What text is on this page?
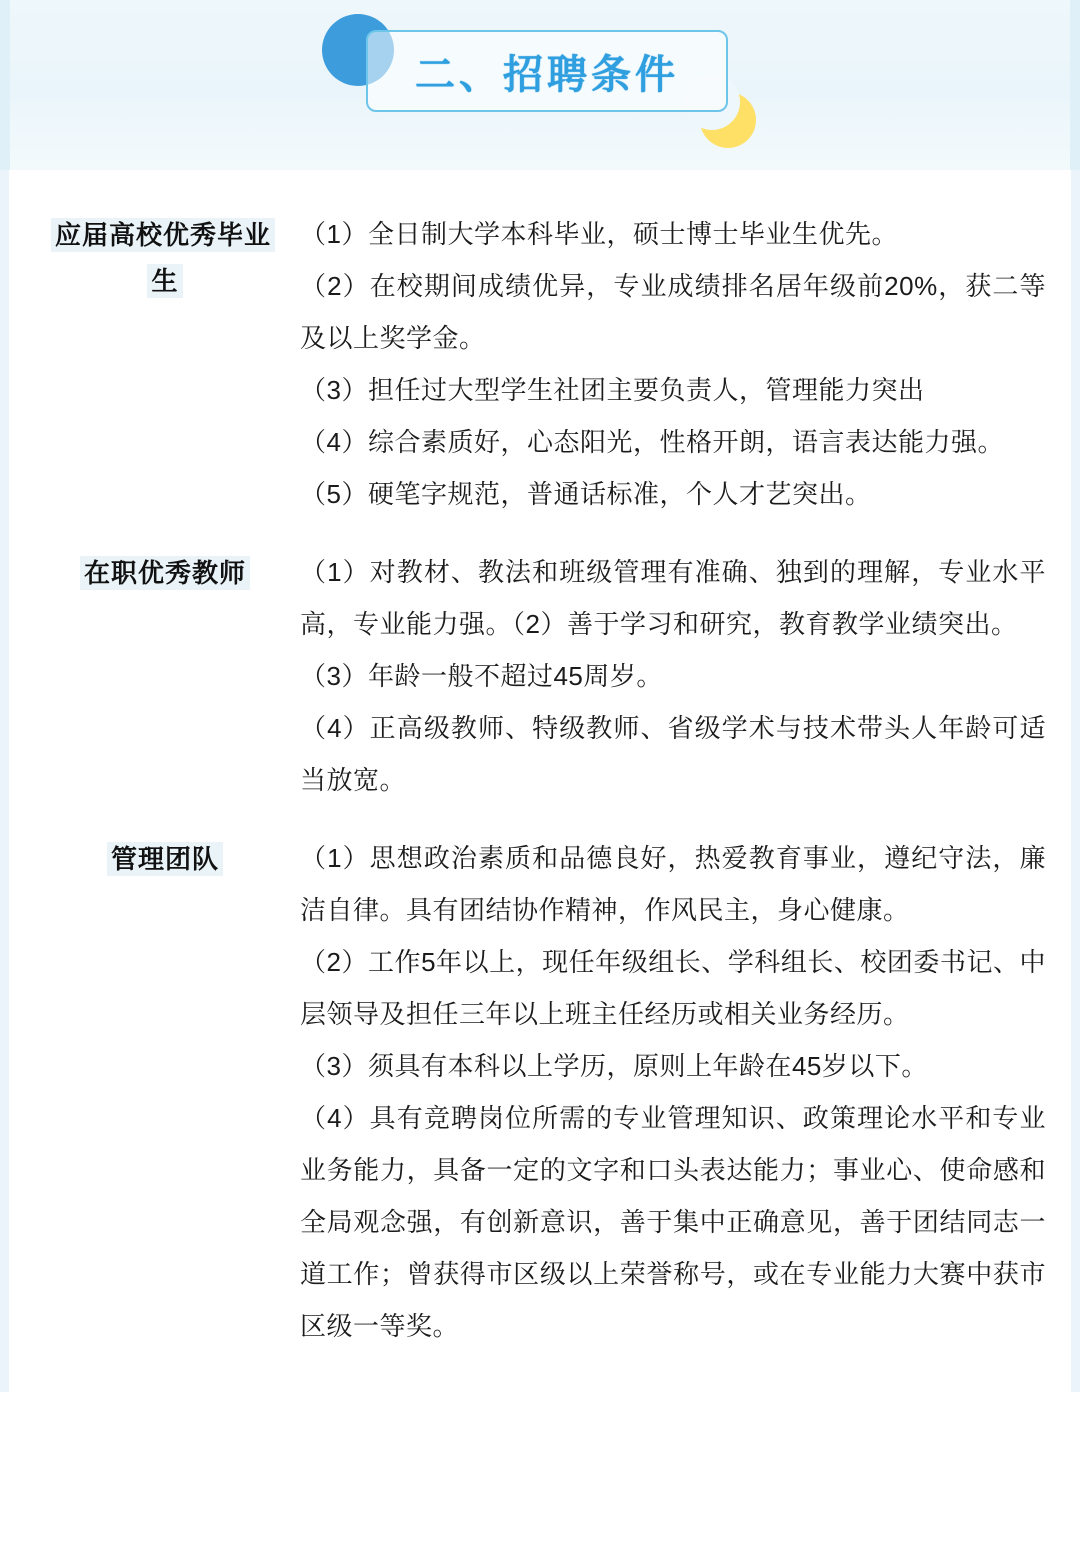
二、招聘条件
应届高校优秀毕业生

（1）全日制大学本科毕业，硕士博士毕业生优先。

（2）在校期间成绩优异，专业成绩排名居年级前20%，获二等及以上奖学金。

（3）担任过大型学生社团主要负责人，管理能力突出

（4）综合素质好，心态阳光，性格开朗，语言表达能力强。

（5）硬笔字规范，普通话标准，个人才艺突出。

在职优秀教师	（1）对教材、教法和班级管理有准确、独到的理解，专业水平高，专业能力强。（2）善于学习和研究，教育教学业绩突出。

（3）年龄一般不超过45周岁。

（4）正高级教师、特级教师、省级学术与技术带头人年龄可适当放宽。

管理团队	（1）思想政治素质和品德良好，热爱教育事业，遵纪守法，廉洁自律。具有团结协作精神，作风民主，身心健康。

（2）工作5年以上，现任年级组长、学科组长、校团委书记、中层领导及担任三年以上班主任经历或相关业务经历。

（3）须具有本科以上学历，原则上年龄在45岁以下。

（4）具有竞聘岗位所需的专业管理知识、政策理论水平和专业业务能力，具备一定的文字和口头表达能力；事业心、使命感和全局观念强，有创新意识，善于集中正确意见，善于团结同志一道工作；曾获得市区级以上荣誉称号，或在专业能力大赛中获市区级一等奖。
